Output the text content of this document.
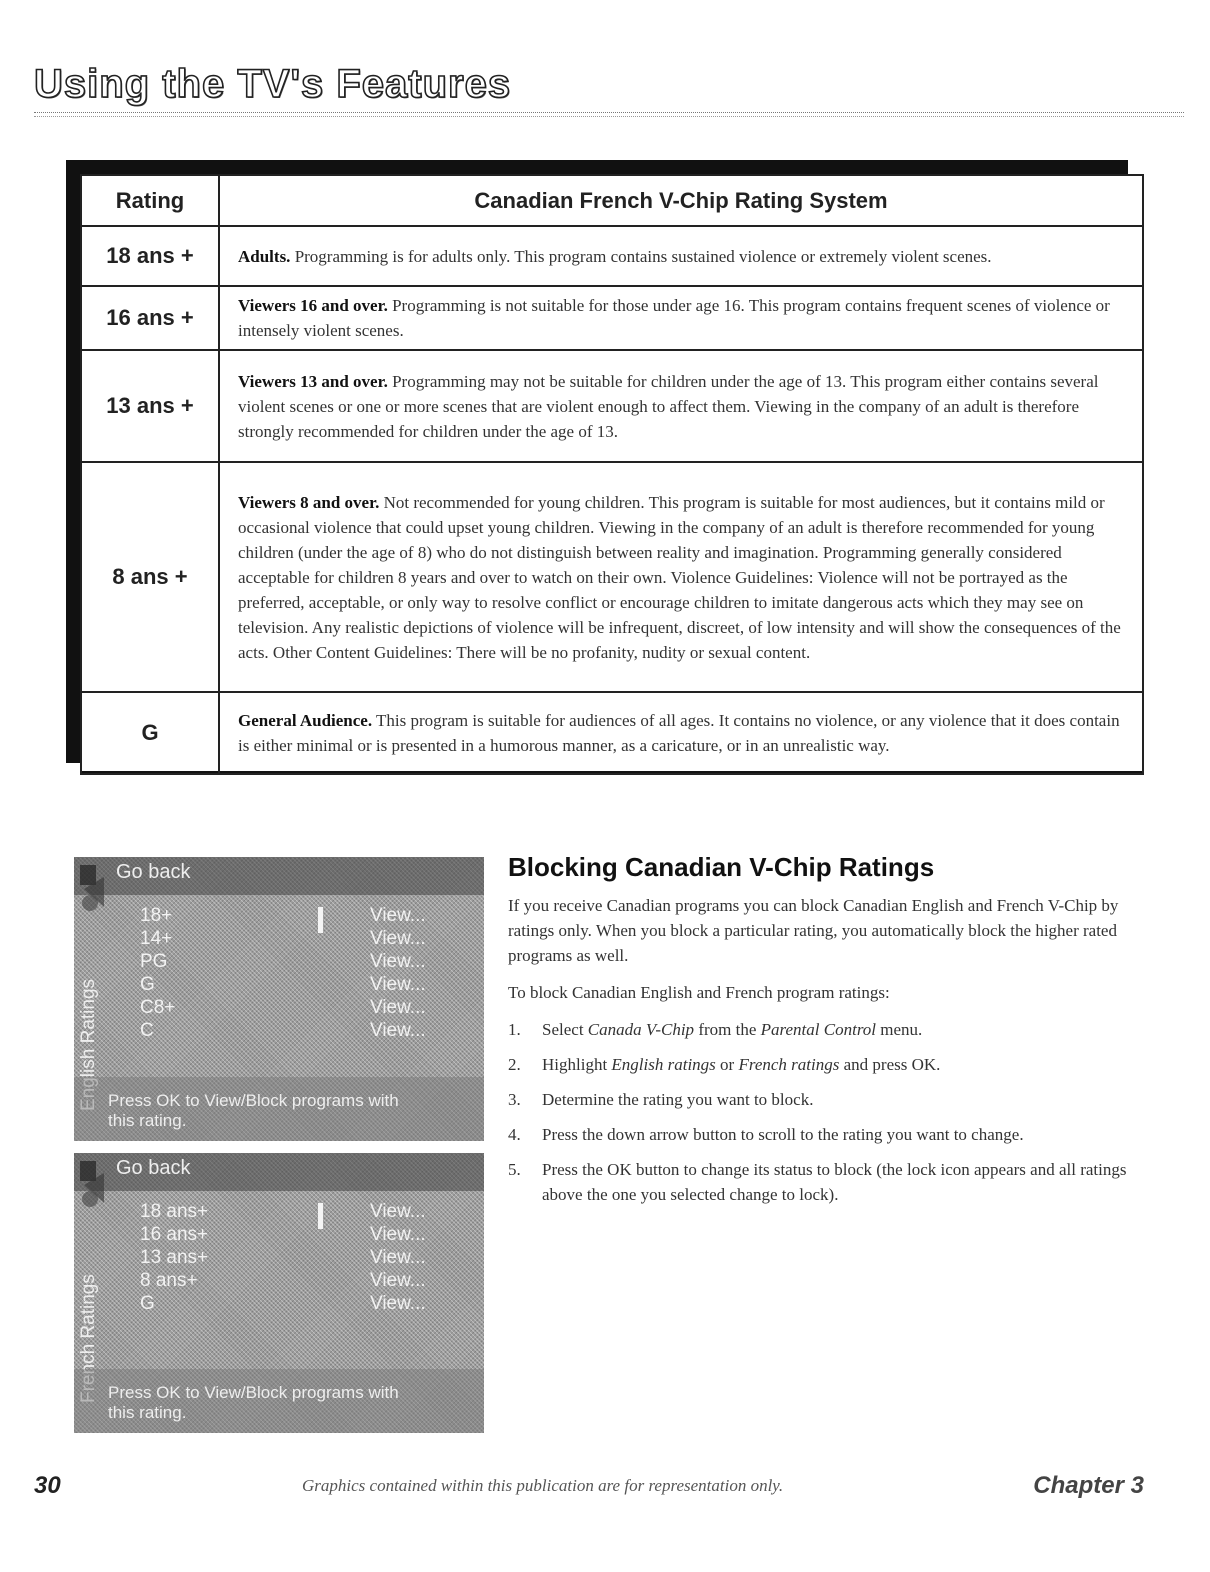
Using the TV's Features
Rating	Canadian French V-Chip Rating System
18 ans +	Adults. Programming is for adults only. This program contains sustained violence or extremely violent scenes.
16 ans +	Viewers 16 and over. Programming is not suitable for those under age 16. This program contains frequent scenes of violence or intensely violent scenes.
13 ans +	Viewers 13 and over. Programming may not be suitable for children under the age of 13. This program either contains several violent scenes or one or more scenes that are violent enough to affect them. Viewing in the company of an adult is therefore strongly recommended for children under the age of 13.
8 ans +	Viewers 8 and over. Not recommended for young children. This program is suitable for most audiences, but it contains mild or occasional violence that could upset young children. Viewing in the company of an adult is therefore recommended for young children (under the age of 8) who do not distinguish between reality and imagination. Programming generally considered acceptable for children 8 years and over to watch on their own. Violence Guidelines: Violence will not be portrayed as the preferred, acceptable, or only way to resolve conflict or encourage children to imitate dangerous acts which they may see on television. Any realistic depictions of violence will be infrequent, discreet, of low intensity and will show the consequences of the acts. Other Content Guidelines: There will be no profanity, nudity or sexual content.
G	General Audience. This program is suitable for audiences of all ages. It contains no violence, or any violence that it does contain is either minimal or is presented in a humorous manner, as a caricature, or in an unrealistic way.
Go back
18+	View...
14+	View...
PG	View...
G	View...
C8+	View...
C	View...
English Ratings Press OK to View/Block programs with this rating.
Go back
18 ans+	View...
16 ans+	View...
13 ans+	View...
8 ans+	View...
G	View...
French Ratings Press OK to View/Block programs with this rating.
Blocking Canadian V-Chip Ratings

If you receive Canadian programs you can block Canadian English and French V-Chip by ratings only. When you block a particular rating, you automatically block the higher rated programs as well.

To block Canadian English and French program ratings:

1. Select Canada V-Chip from the Parental Control menu.
2. Highlight English ratings or French ratings and press OK.
3. Determine the rating you want to block.
4. Press the down arrow button to scroll to the rating you want to change.
5. Press the OK button to change its status to block (the lock icon appears and all ratings above the one you selected change to lock).
30	Graphics contained within this publication are for representation only.	Chapter 3
